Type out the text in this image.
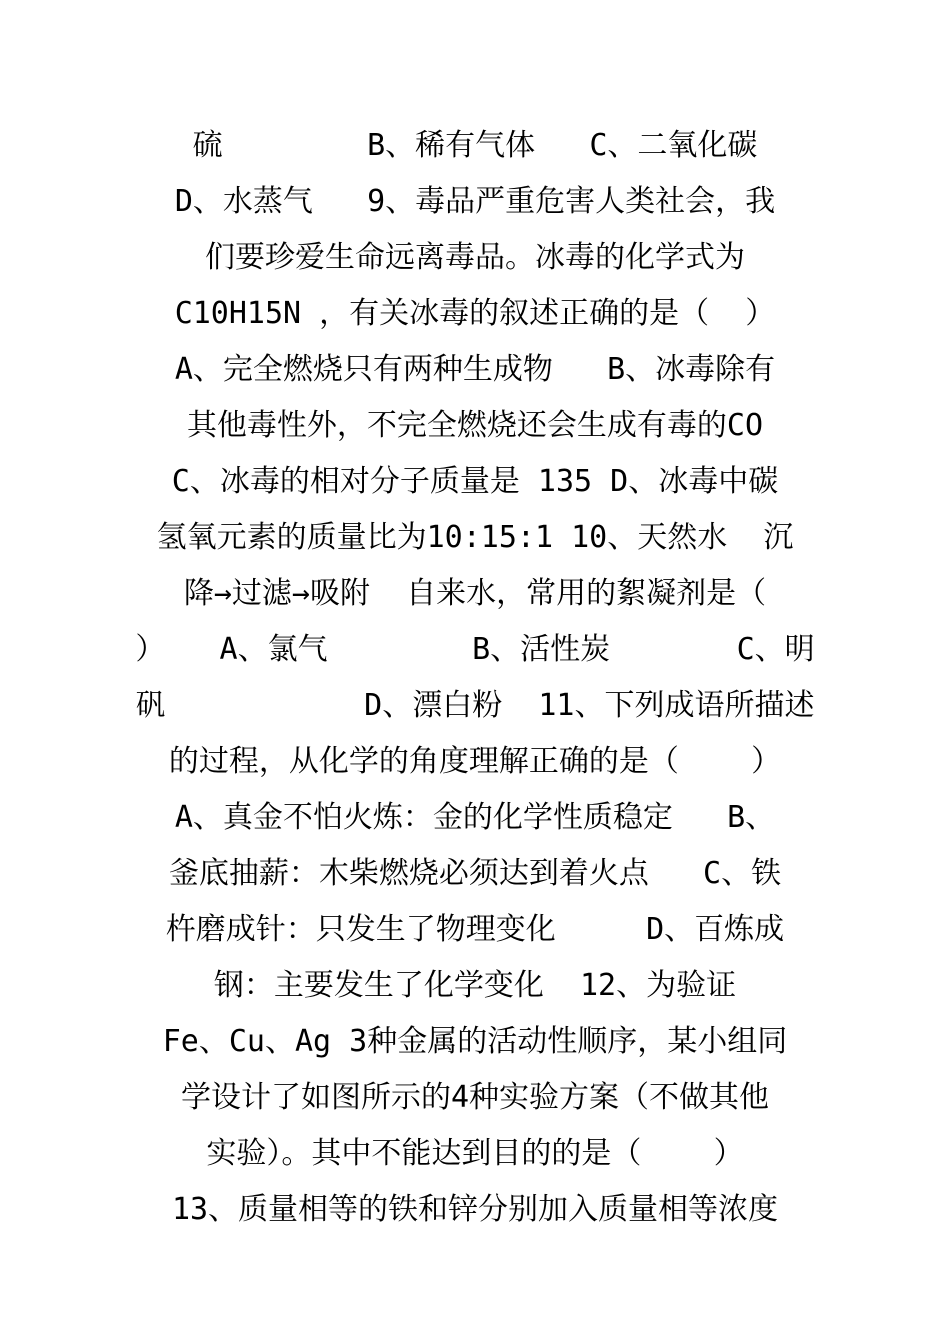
硫        B、稀有气体   C、二氧化碳
D、水蒸气   9、毒品严重危害人类社会，我
们要珍爱生命远离毒品。冰毒的化学式为
C10H15N ，有关冰毒的叙述正确的是（  ）
A、完全燃烧只有两种生成物   B、冰毒除有
其他毒性外，不完全燃烧还会生成有毒的CO
C、冰毒的相对分子质量是 135 D、冰毒中碳
氢氧元素的质量比为10:15:1 10、天然水  沉
降→过滤→吸附  自来水，常用的絮凝剂是（
）   A、氯气        B、活性炭       C、明
矾           D、漂白粉  11、下列成语所描述
的过程，从化学的角度理解正确的是（    ）
A、真金不怕火炼：金的化学性质稳定   B、
釜底抽薪：木柴燃烧必须达到着火点   C、铁
杵磨成针：只发生了物理变化     D、百炼成
钢：主要发生了化学变化  12、为验证
Fe、Cu、Ag 3种金属的活动性顺序，某小组同
学设计了如图所示的4种实验方案（不做其他
实验）。其中不能达到目的的是（    ）
13、质量相等的铁和锌分别加入质量相等浓度
